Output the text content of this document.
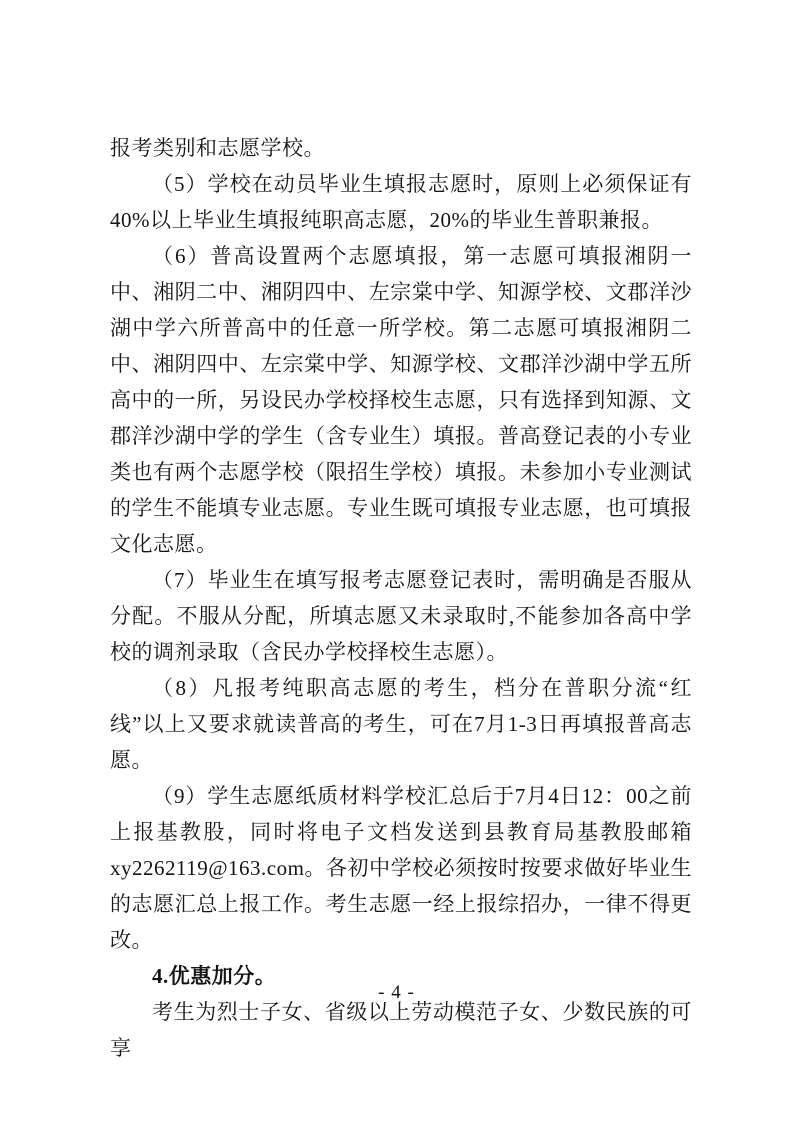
报考类别和志愿学校。

（5）学校在动员毕业生填报志愿时，原则上必须保证有40%以上毕业生填报纯职高志愿，20%的毕业生普职兼报。

（6）普高设置两个志愿填报，第一志愿可填报湘阴一中、湘阴二中、湘阴四中、左宗棠中学、知源学校、文郡洋沙湖中学六所普高中的任意一所学校。第二志愿可填报湘阴二中、湘阴四中、左宗棠中学、知源学校、文郡洋沙湖中学五所高中的一所，另设民办学校择校生志愿，只有选择到知源、文郡洋沙湖中学的学生（含专业生）填报。普高登记表的小专业类也有两个志愿学校（限招生学校）填报。未参加小专业测试的学生不能填专业志愿。专业生既可填报专业志愿，也可填报文化志愿。

（7）毕业生在填写报考志愿登记表时，需明确是否服从分配。不服从分配，所填志愿又未录取时,不能参加各高中学校的调剂录取（含民办学校择校生志愿）。

（8）凡报考纯职高志愿的考生，档分在普职分流“红线”以上又要求就读普高的考生，可在7月1-3日再填报普高志愿。

（9）学生志愿纸质材料学校汇总后于7月4日12：00之前上报基教股，同时将电子文档发送到县教育局基教股邮箱xy2262119@163.com。各初中学校必须按时按要求做好毕业生的志愿汇总上报工作。考生志愿一经上报综招办，一律不得更改。

4.优惠加分。

考生为烈士子女、省级以上劳动模范子女、少数民族的可享

- 4 -
